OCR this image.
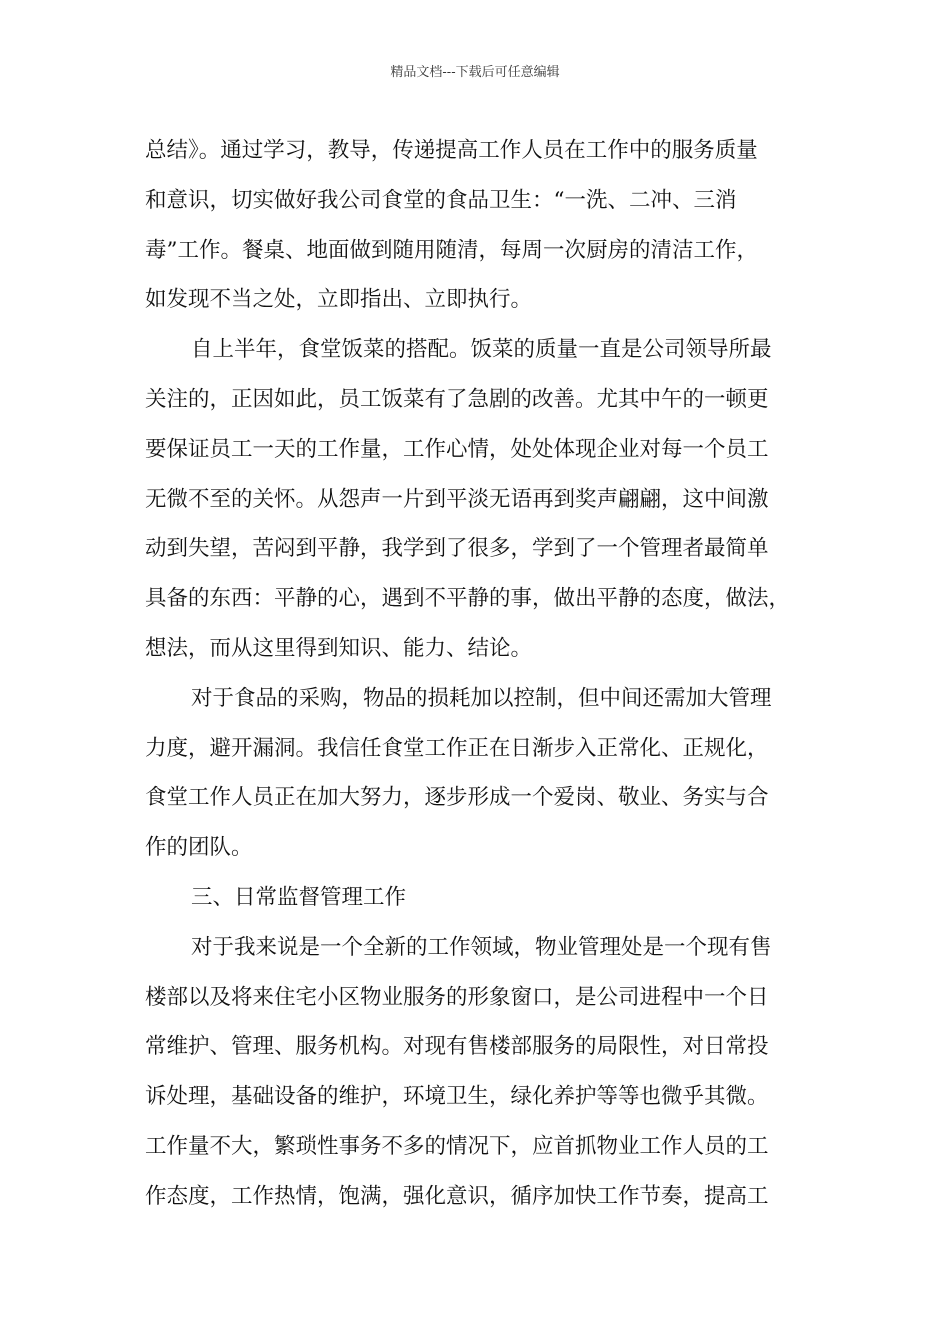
精品文档---下载后可任意编辑
总结》。通过学习，教导，传递提高工作人员在工作中的服务质量
和意识，切实做好我公司食堂的食品卫生：“一洗、二冲、三消
毒”工作。餐桌、地面做到随用随清，每周一次厨房的清洁工作，
如发现不当之处，立即指出、立即执行。
自上半年，食堂饭菜的搭配。饭菜的质量一直是公司领导所最
关注的，正因如此，员工饭菜有了急剧的改善。尤其中午的一顿更
要保证员工一天的工作量，工作心情，处处体现企业对每一个员工
无微不至的关怀。从怨声一片到平淡无语再到奖声翩翩，这中间激
动到失望，苦闷到平静，我学到了很多，学到了一个管理者最简单
具备的东西：平静的心，遇到不平静的事，做出平静的态度，做法，
想法，而从这里得到知识、能力、结论。
对于食品的采购，物品的损耗加以控制，但中间还需加大管理
力度，避开漏洞。我信任食堂工作正在日渐步入正常化、正规化，
食堂工作人员正在加大努力，逐步形成一个爱岗、敬业、务实与合
作的团队。
三、日常监督管理工作
对于我来说是一个全新的工作领域，物业管理处是一个现有售
楼部以及将来住宅小区物业服务的形象窗口，是公司进程中一个日
常维护、管理、服务机构。对现有售楼部服务的局限性，对日常投
诉处理，基础设备的维护，环境卫生，绿化养护等等也微乎其微。
工作量不大，繁琐性事务不多的情况下，应首抓物业工作人员的工
作态度，工作热情，饱满，强化意识，循序加快工作节奏，提高工
